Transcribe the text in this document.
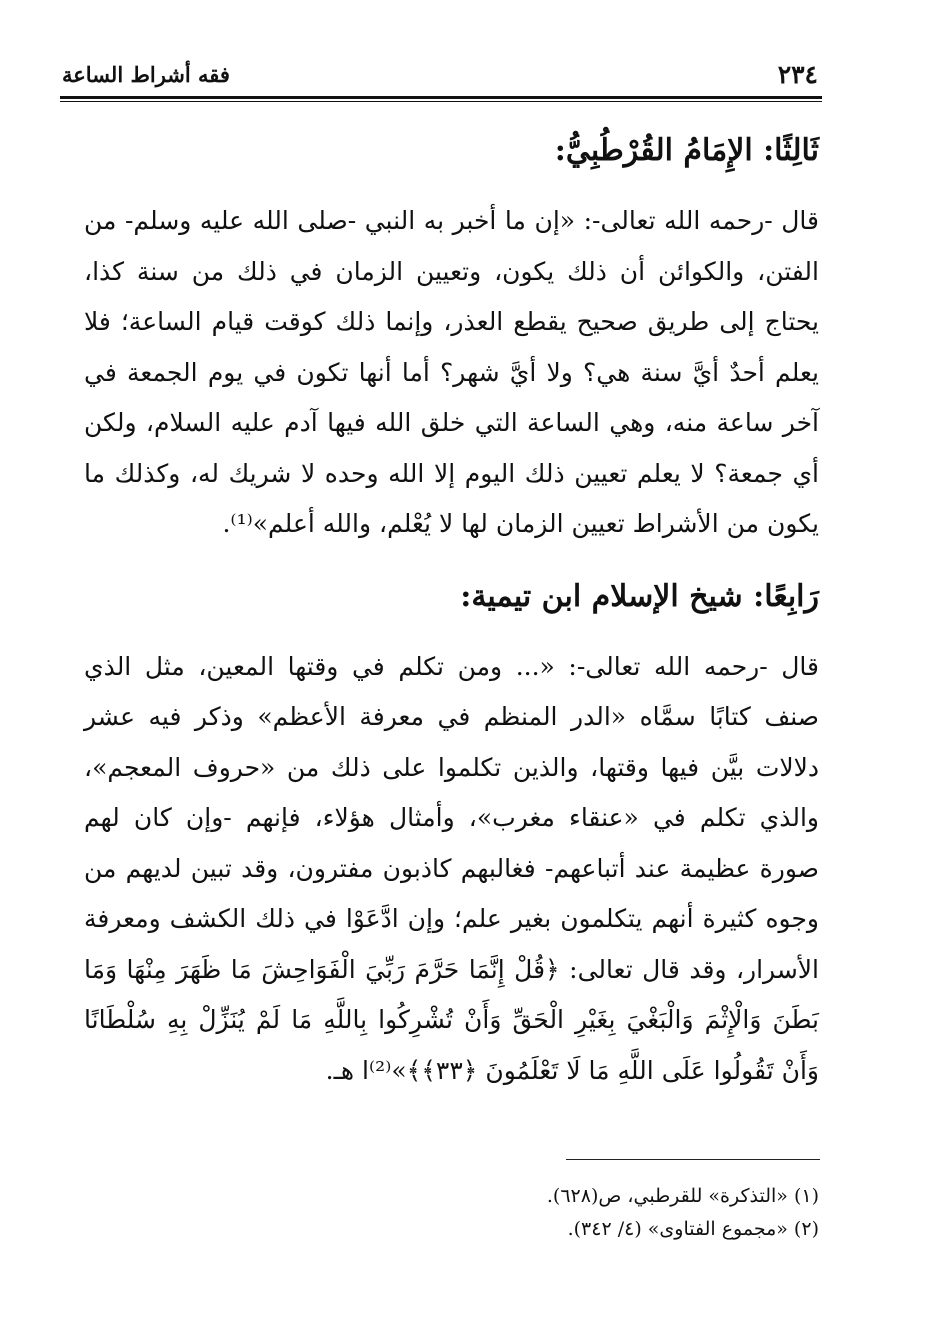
٢٣٤
فقه أشراط الساعة
ثَالِثًا: الإِمَامُ القُرْطُبِيُّ:

قال -رحمه الله تعالى-: «إن ما أخبر به النبي -صلى الله عليه وسلم- من الفتن، والكوائن أن ذلك يكون، وتعيين الزمان في ذلك من سنة كذا، يحتاج إلى طريق صحيح يقطع العذر، وإنما ذلك كوقت قيام الساعة؛ فلا يعلم أحدٌ أيَّ سنة هي؟ ولا أيَّ شهر؟ أما أنها تكون في يوم الجمعة في آخر ساعة منه، وهي الساعة التي خلق الله فيها آدم عليه السلام، ولكن أي جمعة؟ لا يعلم تعيين ذلك اليوم إلا الله وحده لا شريك له، وكذلك ما يكون من الأشراط تعيين الزمان لها لا يُعْلم، والله أعلم»⁽¹⁾.

رَابِعًا: شيخ الإسلام ابن تيمية:

قال -رحمه الله تعالى-: «... ومن تكلم في وقتها المعين، مثل الذي صنف كتابًا سمَّاه «الدر المنظم في معرفة الأعظم» وذكر فيه عشر دلالات بيَّن فيها وقتها، والذين تكلموا على ذلك من «حروف المعجم»، والذي تكلم في «عنقاء مغرب»، وأمثال هؤلاء، فإنهم -وإن كان لهم صورة عظيمة عند أتباعهم- فغالبهم كاذبون مفترون، وقد تبين لديهم من وجوه كثيرة أنهم يتكلمون بغير علم؛ وإن ادَّعَوْا في ذلك الكشف ومعرفة الأسرار، وقد قال تعالى: ﴿قُلْ إِنَّمَا حَرَّمَ رَبِّيَ الْفَوَاحِشَ مَا ظَهَرَ مِنْهَا وَمَا بَطَنَ وَالْإِثْمَ وَالْبَغْيَ بِغَيْرِ الْحَقِّ وَأَنْ تُشْرِكُوا بِاللَّهِ مَا لَمْ يُنَزِّلْ بِهِ سُلْطَانًا وَأَنْ تَقُولُوا عَلَى اللَّهِ مَا لَا تَعْلَمُونَ ﴿٣٣﴾﴾»⁽²⁾ا هـ.

(١) «التذكرة» للقرطبي، ص(٦٢٨).
(٢) «مجموع الفتاوى» (٤/ ٣٤٢).
